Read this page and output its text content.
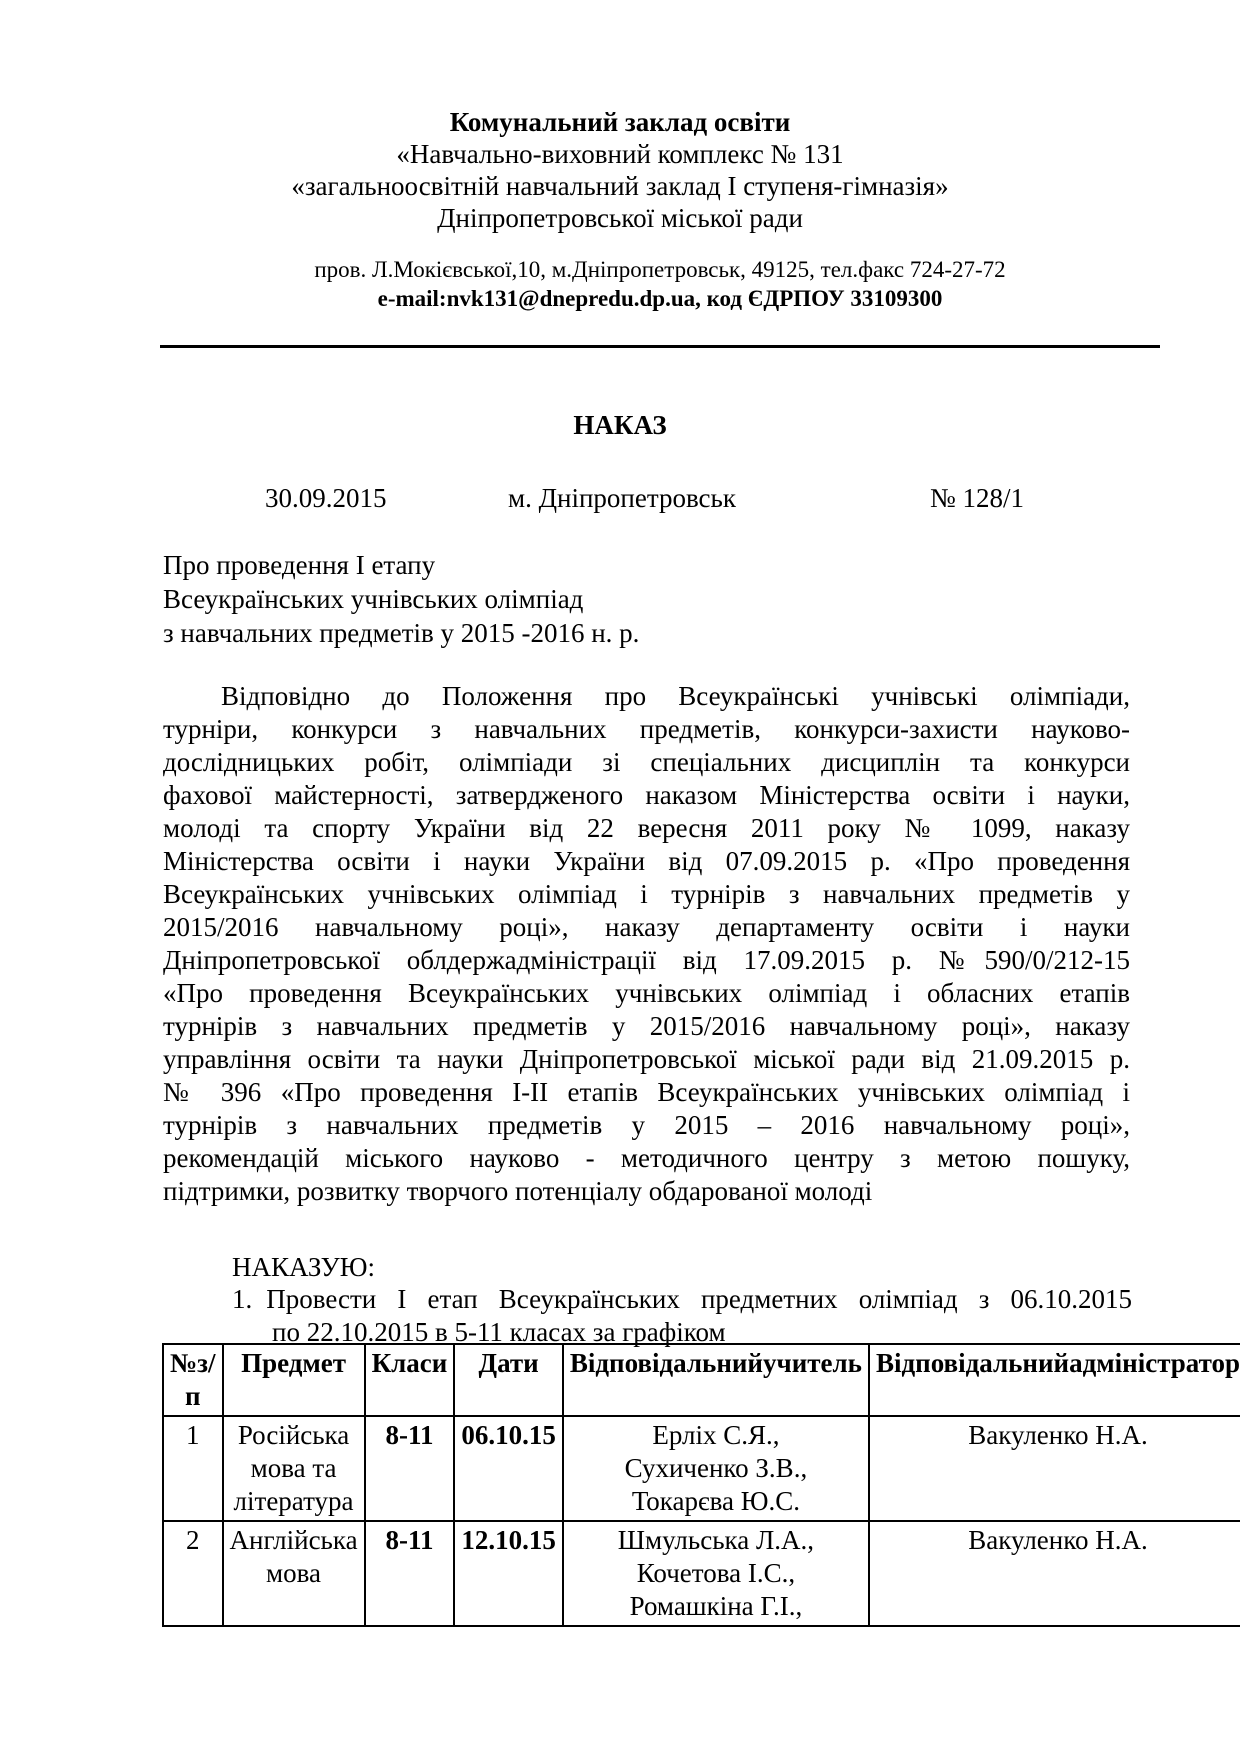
Комунальний заклад освіти
«Навчально-виховний комплекс № 131
«загальноосвітній навчальний заклад І ступеня-гімназія»
Дніпропетровської міської ради
пров. Л.Мокієвської,10, м.Дніпропетровськ, 49125, тел.факс 724-27-72
e-mail:nvk131@dnepredu.dp.ua, код ЄДРПОУ 33109300
НАКАЗ
30.09.2015	м. Дніпропетровськ	№ 128/1
Про проведення І етапу
Всеукраїнських учнівських олімпіад
з навчальних предметів у 2015 -2016 н. р.
Відповідно до Положення про Всеукраїнські учнівські олімпіади,
турніри, конкурси з навчальних предметів, конкурси-захисти науково-
дослідницьких робіт, олімпіади зі спеціальних дисциплін та конкурси
фахової майстерності, затвердженого наказом Міністерства освіти і науки,
молоді та спорту України від 22 вересня 2011 року № 1099, наказу
Міністерства освіти і науки України від 07.09.2015 р. «Про проведення
Всеукраїнських учнівських олімпіад і турнірів з навчальних предметів у
2015/2016 навчальному році», наказу департаменту освіти і науки
Дніпропетровської облдержадміністрації від 17.09.2015 р. №590/0/212-15
«Про проведення Всеукраїнських учнівських олімпіад і обласних етапів
турнірів з навчальних предметів у 2015/2016 навчальному році», наказу
управління освіти та науки Дніпропетровської міської ради від 21.09.2015 р.
№ 396 «Про проведення І-ІІ етапів Всеукраїнських учнівських олімпіад і
турнірів з навчальних предметів у 2015 – 2016 навчальному році»,
рекомендацій міського науково - методичного центру з метою пошуку,
підтримки, розвитку творчого потенціалу обдарованої молоді
НАКАЗУЮ:
1. Провести І етап Всеукраїнських предметних олімпіад з 06.10.2015
по 22.10.2015 в 5-11 класах за графіком
№з/п	Предмет	Класи	Дати	Відповідальнийучитель	Відповідальнийадміністратор
1	Російська
мова та
література	8-11	06.10.15	Ерліх С.Я.,
Сухиченко З.В.,
Токарєва Ю.С.	Вакуленко Н.А.
2	Англійська
мова	8-11	12.10.15	Шмульська Л.А.,
Кочетова І.С.,
Ромашкіна Г.І.,	Вакуленко Н.А.
